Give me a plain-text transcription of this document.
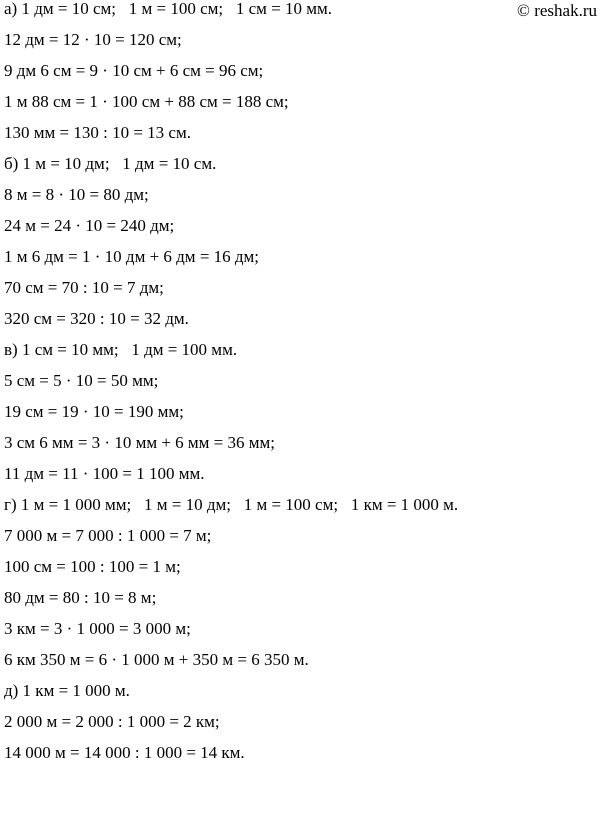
© reshak.ru
а) 1 дм = 10 см;   1 м = 100 см;   1 см = 10 мм.
12 дм = 12 · 10 = 120 см;
9 дм 6 см = 9 · 10 см + 6 см = 96 см;
1 м 88 см = 1 · 100 см + 88 см = 188 см;
130 мм = 130 : 10 = 13 см.
б) 1 м = 10 дм;   1 дм = 10 см.
8 м = 8 · 10 = 80 дм;
24 м = 24 · 10 = 240 дм;
1 м 6 дм = 1 · 10 дм + 6 дм = 16 дм;
70 см = 70 : 10 = 7 дм;
320 см = 320 : 10 = 32 дм.
в) 1 см = 10 мм;   1 дм = 100 мм.
5 см = 5 · 10 = 50 мм;
19 см = 19 · 10 = 190 мм;
3 см 6 мм = 3 · 10 мм + 6 мм = 36 мм;
11 дм = 11 · 100 = 1 100 мм.
г) 1 м = 1 000 мм;   1 м = 10 дм;   1 м = 100 см;   1 км = 1 000 м.
7 000 м = 7 000 : 1 000 = 7 м;
100 см = 100 : 100 = 1 м;
80 дм = 80 : 10 = 8 м;
3 км = 3 · 1 000 = 3 000 м;
6 км 350 м = 6 · 1 000 м + 350 м = 6 350 м.
д) 1 км = 1 000 м.
2 000 м = 2 000 : 1 000 = 2 км;
14 000 м = 14 000 : 1 000 = 14 км.
